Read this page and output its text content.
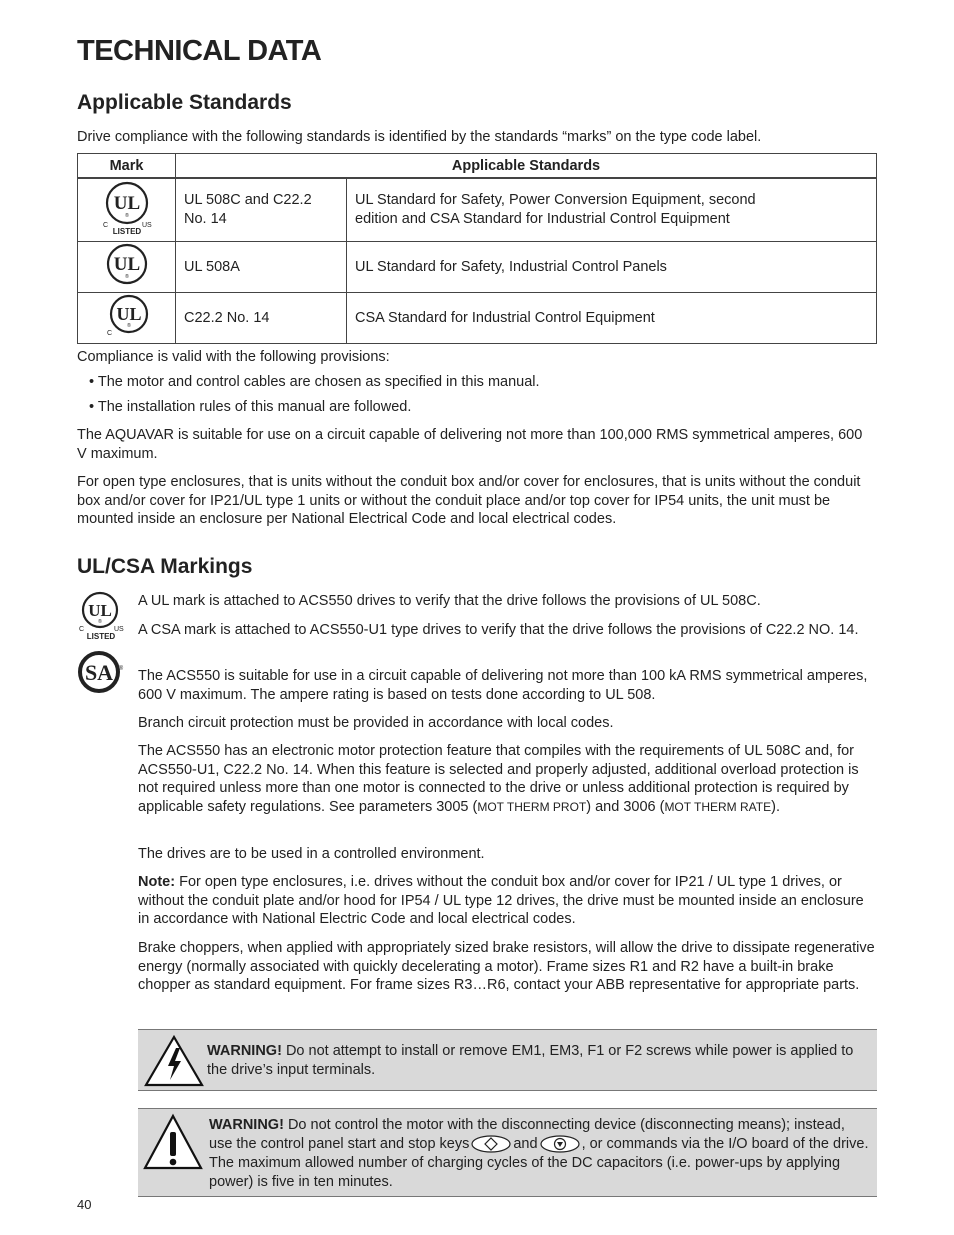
TECHNICAL DATA
Applicable Standards

Drive compliance with the following standards is identified by the standards “marks” on the type code label.

Mark	Applicable Standards	

UL
®
C US
LISTED	UL 508C and C22.2 No. 14	UL Standard for Safety, Power Conversion Equipment, second edition and CSA Standard for Industrial Control Equipment

UL
®	UL 508A	UL Standard for Safety, Industrial Control Panels

UL
®
C	C22.2 No. 14	CSA Standard for Industrial Control Equipment

Compliance is valid with the following provisions:

• The motor and control cables are chosen as specified in this manual.

• The installation rules of this manual are followed.

The AQUAVAR is suitable for use on a circuit capable of delivering not more than 100,000 RMS symmetrical amperes, 600 V maximum.

For open type enclosures, that is units without the conduit box and/or cover for enclosures, that is units without the conduit box and/or cover for IP21/UL type 1 units or without the conduit place and/or top cover for IP54 units, the unit must be mounted inside an enclosure per National Electrical Code and local electrical codes.

UL/CSA Markings
UL
®
C	US
LISTED
SA ®

A UL mark is attached to ACS550 drives to verify that the drive follows the provisions of UL 508C.

A CSA mark is attached to ACS550-U1 type drives to verify that the drive follows the provisions of C22.2 NO. 14.

The ACS550 is suitable for use in a circuit capable of delivering not more than 100 kA RMS symmetrical amperes, 600 V maximum. The ampere rating is based on tests done according to UL 508.

Branch circuit protection must be provided in accordance with local codes.

The ACS550 has an electronic motor protection feature that compiles with the requirements of UL 508C and, for ACS550-U1, C22.2 No. 14. When this feature is selected and properly adjusted, additional overload protection is not required unless more than one motor is connected to the drive or unless additional protection is required by applicable safety regulations. See parameters 3005 (MOT THERM PROT) and 3006 (MOT THERM RATE).

The drives are to be used in a controlled environment.

Note: For open type enclosures, i.e. drives without the conduit box and/or cover for IP21 / UL type 1 drives, or without the conduit plate and/or hood for IP54 / UL type 12 drives, the drive must be mounted inside an enclosure in accordance with National Electric Code and local electrical codes.

Brake choppers, when applied with appropriately sized brake resistors, will allow the drive to dissipate regenerative energy (normally associated with quickly decelerating a motor). Frame sizes R1 and R2 have a built-in brake chopper as standard equipment. For frame sizes R3…R6, contact your ABB representative for appropriate parts.

WARNING! Do not attempt to install or remove EM1, EM3, F1 or F2 screws while power is applied to the drive’s input terminals.
WARNING! Do not control the motor with the disconnecting device (disconnecting means); instead, use the control panel start and stop keys	and	, or commands via the I/O board of the drive. The maximum allowed number of charging cycles of the DC capacitors (i.e. power-ups by applying power) is five in ten minutes.
40
